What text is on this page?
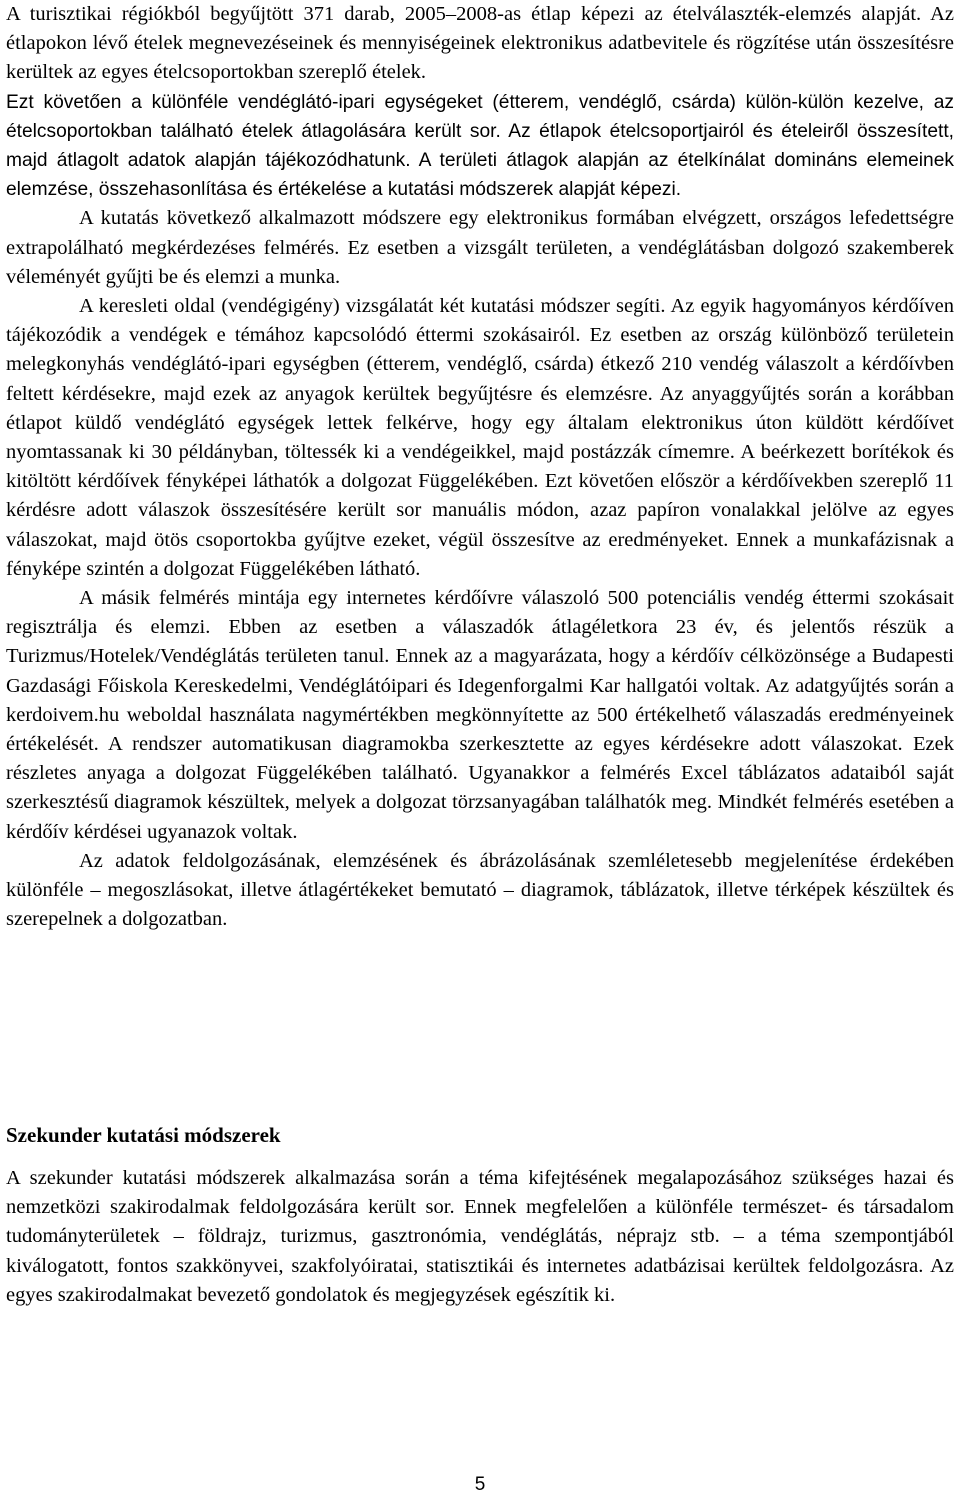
A turisztikai régiókból begyűjtött 371 darab, 2005–2008-as étlap képezi az ételválaszték-elemzés alapját. Az étlapokon lévő ételek megnevezéseinek és mennyiségeinek elektronikus adatbevitele és rögzítése után összesítésre kerültek az egyes ételcsoportokban szereplő ételek.

Ezt követően a különféle vendéglátó-ipari egységeket (étterem, vendéglő, csárda) külön-külön kezelve, az ételcsoportokban található ételek átlagolására került sor. Az étlapok ételcsoportjairól és ételeiről összesített, majd átlagolt adatok alapján tájékozódhatunk. A területi átlagok alapján az ételkínálat domináns elemeinek elemzése, összehasonlítása és értékelése a kutatási módszerek alapját képezi.

A kutatás következő alkalmazott módszere egy elektronikus formában elvégzett, országos lefedettségre extrapolálható megkérdezéses felmérés. Ez esetben a vizsgált területen, a vendéglátásban dolgozó szakemberek véleményét gyűjti be és elemzi a munka.

A keresleti oldal (vendégigény) vizsgálatát két kutatási módszer segíti. Az egyik hagyományos kérdőíven tájékozódik a vendégek e témához kapcsolódó éttermi szokásairól. Ez esetben az ország különböző területein melegkonyhás vendéglátó-ipari egységben (étterem, vendéglő, csárda) étkező 210 vendég válaszolt a kérdőívben feltett kérdésekre, majd ezek az anyagok kerültek begyűjtésre és elemzésre. Az anyaggyűjtés során a korábban étlapot küldő vendéglátó egységek lettek felkérve, hogy egy általam elektronikus úton küldött kérdőívet nyomtassanak ki 30 példányban, töltessék ki a vendégeikkel, majd postázzák címemre. A beérkezett borítékok és kitöltött kérdőívek fényképei láthatók a dolgozat Függelékében. Ezt követően először a kérdőívekben szereplő 11 kérdésre adott válaszok összesítésére került sor manuális módon, azaz papíron vonalakkal jelölve az egyes válaszokat, majd ötös csoportokba gyűjtve ezeket, végül összesítve az eredményeket. Ennek a munkafázisnak a fényképe szintén a dolgozat Függelékében látható.

A másik felmérés mintája egy internetes kérdőívre válaszoló 500 potenciális vendég éttermi szokásait regisztrálja és elemzi. Ebben az esetben a válaszadók átlagéletkora 23 év, és jelentős részük a Turizmus/Hotelek/Vendéglátás területen tanul. Ennek az a magyarázata, hogy a kérdőív célközönsége a Budapesti Gazdasági Főiskola Kereskedelmi, Vendéglátóipari és Idegenforgalmi Kar hallgatói voltak. Az adatgyűjtés során a kerdoivem.hu weboldal használata nagymértékben megkönnyítette az 500 értékelhető válaszadás eredményeinek értékelését. A rendszer automatikusan diagramokba szerkesztette az egyes kérdésekre adott válaszokat. Ezek részletes anyaga a dolgozat Függelékében található. Ugyanakkor a felmérés Excel táblázatos adataiból saját szerkesztésű diagramok készültek, melyek a dolgozat törzsanyagában találhatók meg. Mindkét felmérés esetében a kérdőív kérdései ugyanazok voltak.

Az adatok feldolgozásának, elemzésének és ábrázolásának szemléletesebb megjelenítése érdekében különféle – megoszlásokat, illetve átlagértékeket bemutató – diagramok, táblázatok, illetve térképek készültek és szerepelnek a dolgozatban.

Szekunder kutatási módszerek

A szekunder kutatási módszerek alkalmazása során a téma kifejtésének megalapozásához szükséges hazai és nemzetközi szakirodalmak feldolgozására került sor. Ennek megfelelően a különféle természet- és társadalom tudományterületek – földrajz, turizmus, gasztronómia, vendéglátás, néprajz stb. – a téma szempontjából kiválogatott, fontos szakkönyvei, szakfolyóiratai, statisztikái és internetes adatbázisai kerültek feldolgozásra. Az egyes szakirodalmakat bevezető gondolatok és megjegyzések egészítik ki.

5
